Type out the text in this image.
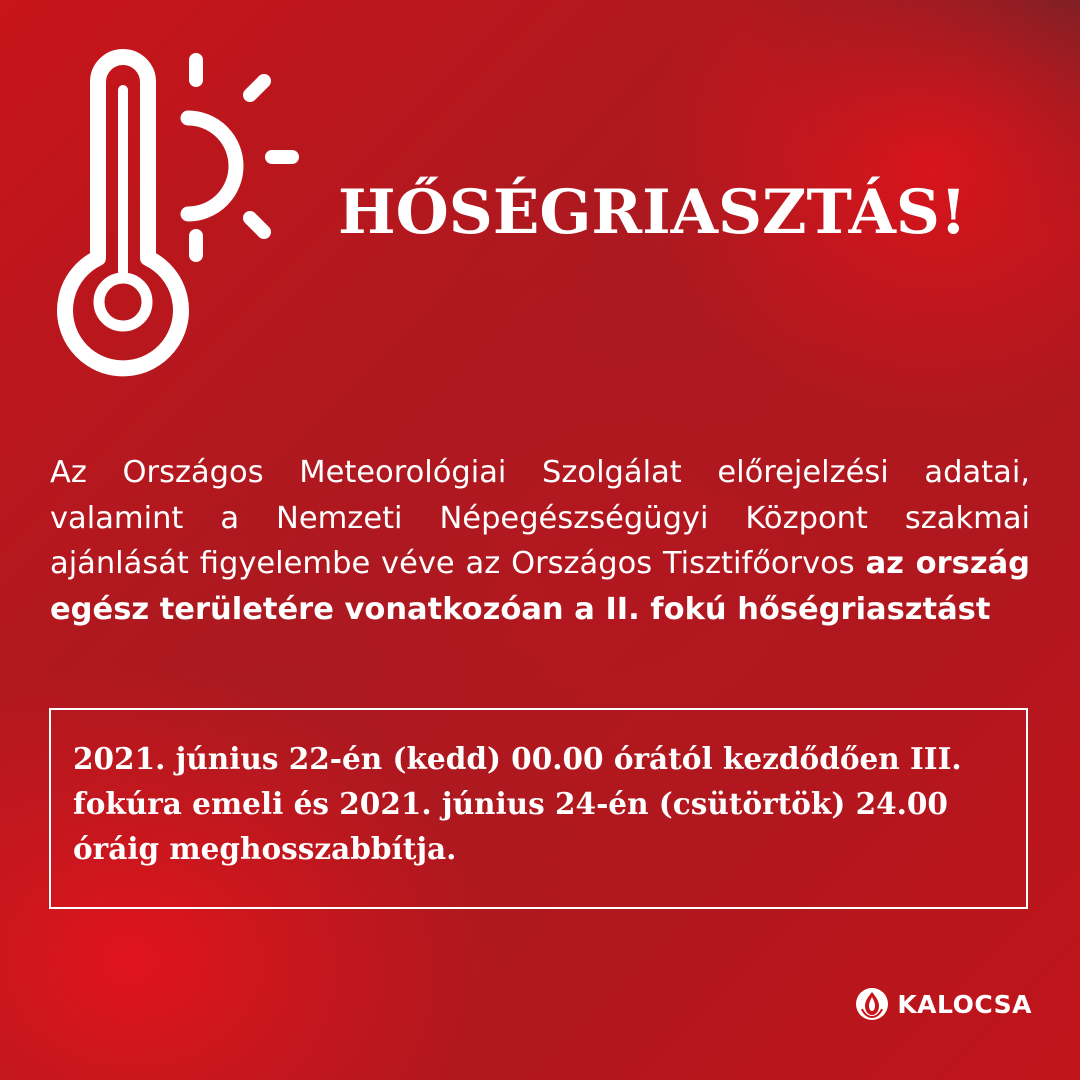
HŐSÉGRIASZTÁS!

Az Országos Meteorológiai Szolgálat előrejelzési adatai, valamint a Nemzeti Népegészségügyi Központ szakmai ajánlását figyelembe véve az Országos Tisztifőorvos az ország egész területére vonatkozóan a II. fokú hőségriasztást

2021. június 22-én (kedd) 00.00 órától kezdődően III. fokúra emeli és 2021. június 24-én (csütörtök) 24.00 óráig meghosszabbítja.

KALOCSA
